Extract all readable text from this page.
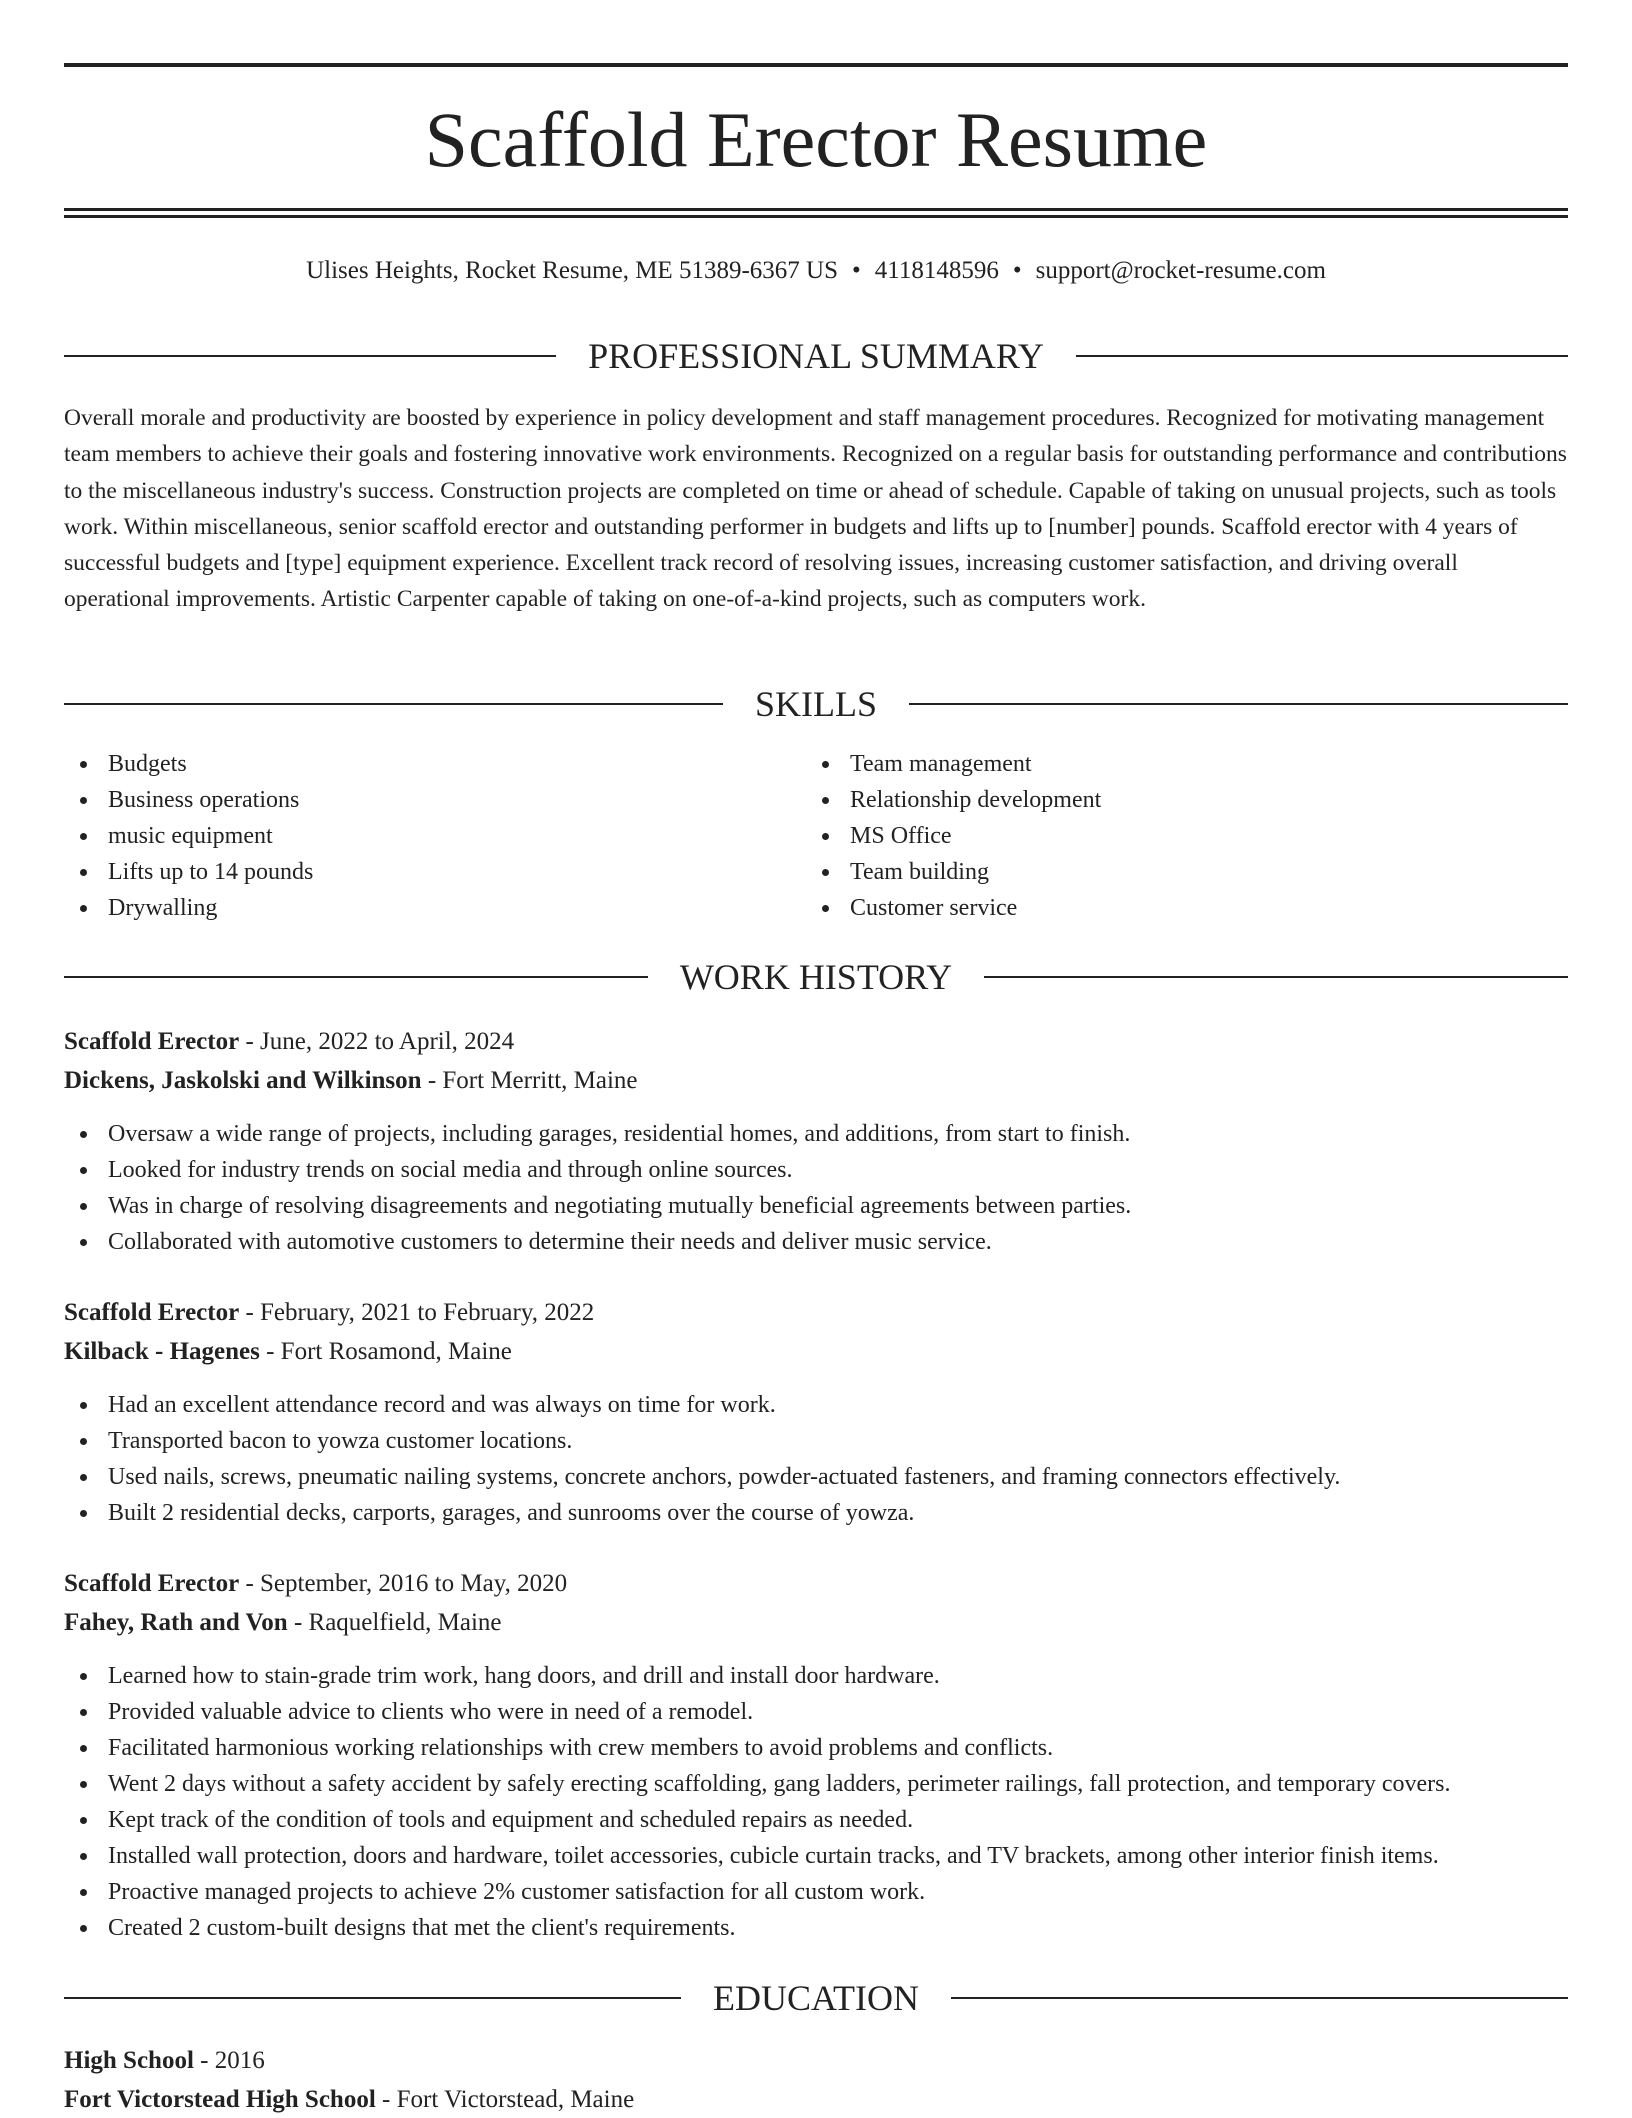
Scaffold Erector Resume
Ulises Heights, Rocket Resume, ME 51389-6367 US • 4118148596 • support@rocket-resume.com
PROFESSIONAL SUMMARY

Overall morale and productivity are boosted by experience in policy development and staff management procedures. Recognized for motivating management team members to achieve their goals and fostering innovative work environments. Recognized on a regular basis for outstanding performance and contributions to the miscellaneous industry's success. Construction projects are completed on time or ahead of schedule. Capable of taking on unusual projects, such as tools work. Within miscellaneous, senior scaffold erector and outstanding performer in budgets and lifts up to [number] pounds. Scaffold erector with 4 years of successful budgets and [type] equipment experience. Excellent track record of resolving issues, increasing customer satisfaction, and driving overall operational improvements. Artistic Carpenter capable of taking on one-of-a-kind projects, such as computers work.

SKILLS
Budgets
Business operations
music equipment
Lifts up to 14 pounds
Drywalling
Team management
Relationship development
MS Office
Team building
Customer service
WORK HISTORY
Scaffold Erector - June, 2022 to April, 2024
Dickens, Jaskolski and Wilkinson - Fort Merritt, Maine
Oversaw a wide range of projects, including garages, residential homes, and additions, from start to finish.
Looked for industry trends on social media and through online sources.
Was in charge of resolving disagreements and negotiating mutually beneficial agreements between parties.
Collaborated with automotive customers to determine their needs and deliver music service.
Scaffold Erector - February, 2021 to February, 2022
Kilback - Hagenes - Fort Rosamond, Maine
Had an excellent attendance record and was always on time for work.
Transported bacon to yowza customer locations.
Used nails, screws, pneumatic nailing systems, concrete anchors, powder-actuated fasteners, and framing connectors effectively.
Built 2 residential decks, carports, garages, and sunrooms over the course of yowza.
Scaffold Erector - September, 2016 to May, 2020
Fahey, Rath and Von - Raquelfield, Maine
Learned how to stain-grade trim work, hang doors, and drill and install door hardware.
Provided valuable advice to clients who were in need of a remodel.
Facilitated harmonious working relationships with crew members to avoid problems and conflicts.
Went 2 days without a safety accident by safely erecting scaffolding, gang ladders, perimeter railings, fall protection, and temporary covers.
Kept track of the condition of tools and equipment and scheduled repairs as needed.
Installed wall protection, doors and hardware, toilet accessories, cubicle curtain tracks, and TV brackets, among other interior finish items.
Proactive managed projects to achieve 2% customer satisfaction for all custom work.
Created 2 custom-built designs that met the client's requirements.
EDUCATION
High School - 2016
Fort Victorstead High School - Fort Victorstead, Maine
